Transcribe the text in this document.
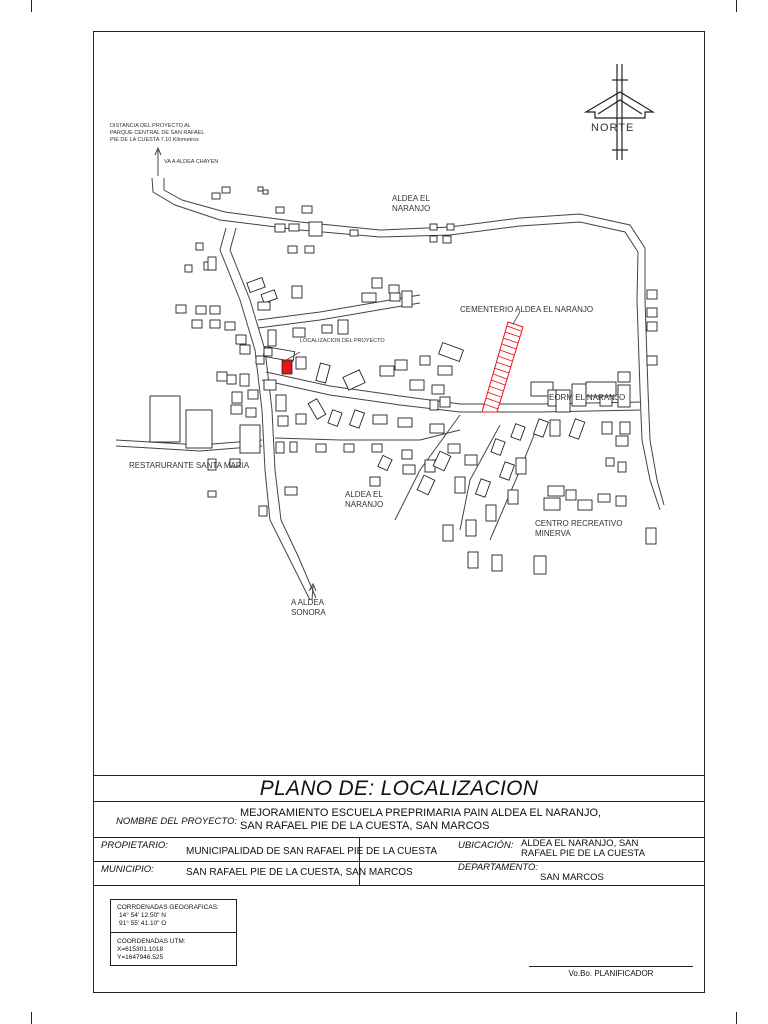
NORTE
DISTANCIA DEL PROYECTO AL
PARQUE CENTRAL DE SAN RAFAEL
PIE DE LA CUESTA 7.10 Kilometros
VA A ALDEA CHAYEN
ALDEA EL
NARANJO
CEMENTERIO ALDEA EL NARANJO
LOCALIZACION DEL PROYECTO
EORM EL NARANJO
RESTARURANTE SANTA MARIA
ALDEA EL
NARANJO
CENTRO RECREATIVO
MINERVA
A ALDEA
SONORA
PLANO DE: LOCALIZACION
NOMBRE DEL PROYECTO:
MEJORAMIENTO ESCUELA PREPRIMARIA PAIN ALDEA EL NARANJO,
SAN RAFAEL PIE DE LA CUESTA, SAN MARCOS
PROPIETARIO:
MUNICIPALIDAD DE SAN RAFAEL PIE DE LA CUESTA
UBICACIÓN: ALDEA EL NARANJO, SAN
RAFAEL PIE DE LA CUESTA
MUNICIPIO:	SAN RAFAEL PIE DE LA CUESTA, SAN MARCOS	DEPARTAMENTO:
SAN MARCOS
CORRDENADAS GEOGRAFICAS:
14° 54' 12.50" N
91° 55' 41.10" O
COORDENADAS UTM:
X=615301.1018
Y=1647946.525
Vo.Bo. PLANIFICADOR
